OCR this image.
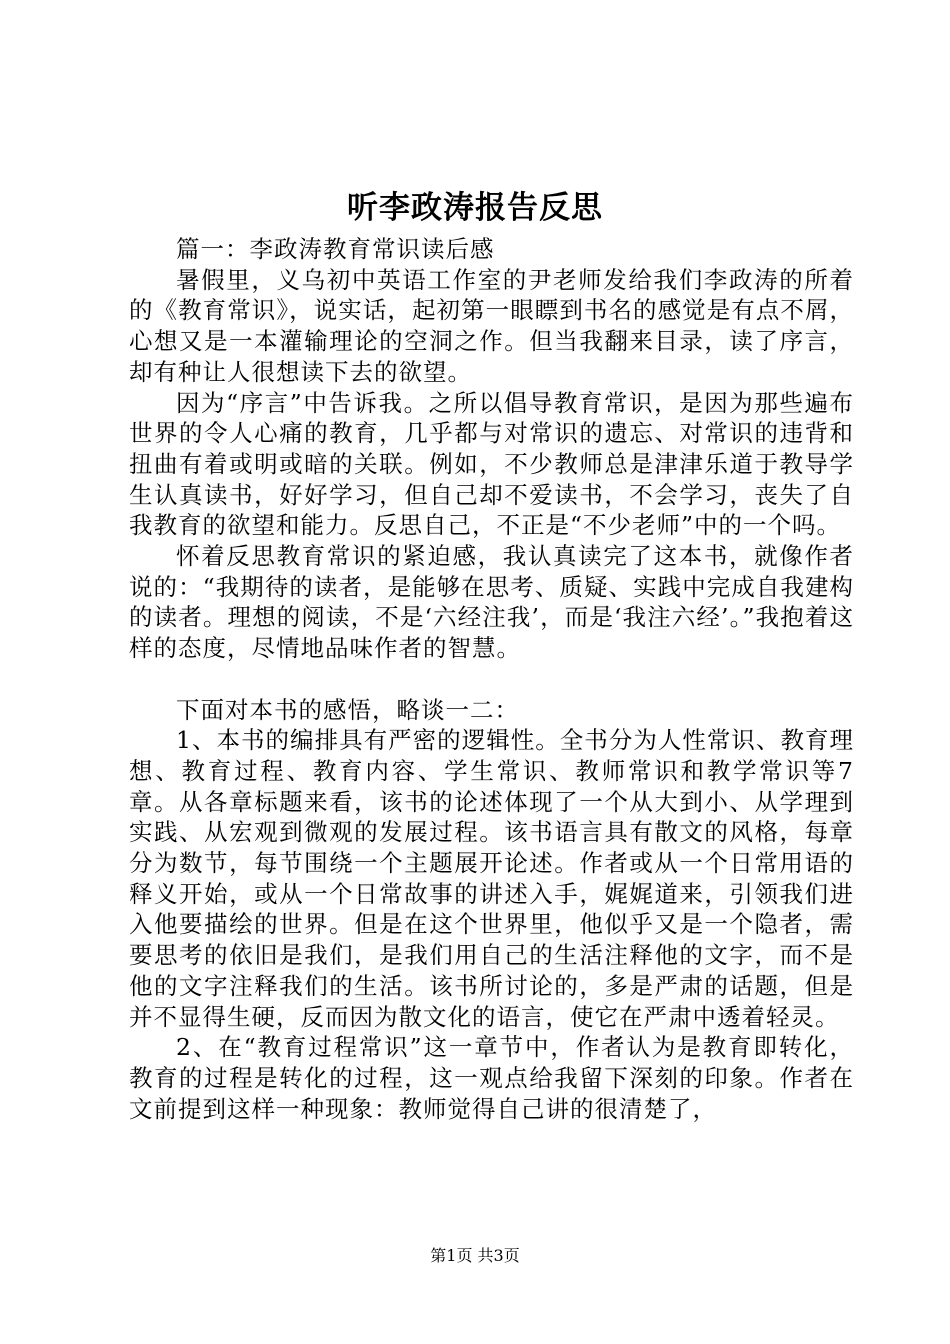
听李政涛报告反思

篇一：李政涛教育常识读后感

暑假里，义乌初中英语工作室的尹老师发给我们李政涛的所着的《教育常识》，说实话，起初第一眼瞟到书名的感觉是有点不屑，心想又是一本灌输理论的空洞之作。但当我翻来目录，读了序言，却有种让人很想读下去的欲望。

因为“序言”中告诉我。之所以倡导教育常识，是因为那些遍布世界的令人心痛的教育，几乎都与对常识的遗忘、对常识的违背和扭曲有着或明或暗的关联。例如，不少教师总是津津乐道于教导学生认真读书，好好学习，但自己却不爱读书，不会学习，丧失了自我教育的欲望和能力。反思自己，不正是“不少老师”中的一个吗。

怀着反思教育常识的紧迫感，我认真读完了这本书，就像作者说的：“我期待的读者，是能够在思考、质疑、实践中完成自我建构的读者。理想的阅读，不是‘六经注我’，而是‘我注六经’。”我抱着这样的态度，尽情地品味作者的智慧。

下面对本书的感悟，略谈一二：

1、本书的编排具有严密的逻辑性。全书分为人性常识、教育理想、教育过程、教育内容、学生常识、教师常识和教学常识等7章。从各章标题来看，该书的论述体现了一个从大到小、从学理到实践、从宏观到微观的发展过程。该书语言具有散文的风格，每章分为数节，每节围绕一个主题展开论述。作者或从一个日常用语的释义开始，或从一个日常故事的讲述入手，娓娓道来，引领我们进入他要描绘的世界。但是在这个世界里，他似乎又是一个隐者，需要思考的依旧是我们，是我们用自己的生活注释他的文字，而不是他的文字注释我们的生活。该书所讨论的，多是严肃的话题，但是并不显得生硬，反而因为散文化的语言，使它在严肃中透着轻灵。

2、在“教育过程常识”这一章节中，作者认为是教育即转化，教育的过程是转化的过程，这一观点给我留下深刻的印象。作者在文前提到这样一种现象：教师觉得自己讲的很清楚了，

第1页 共3页
